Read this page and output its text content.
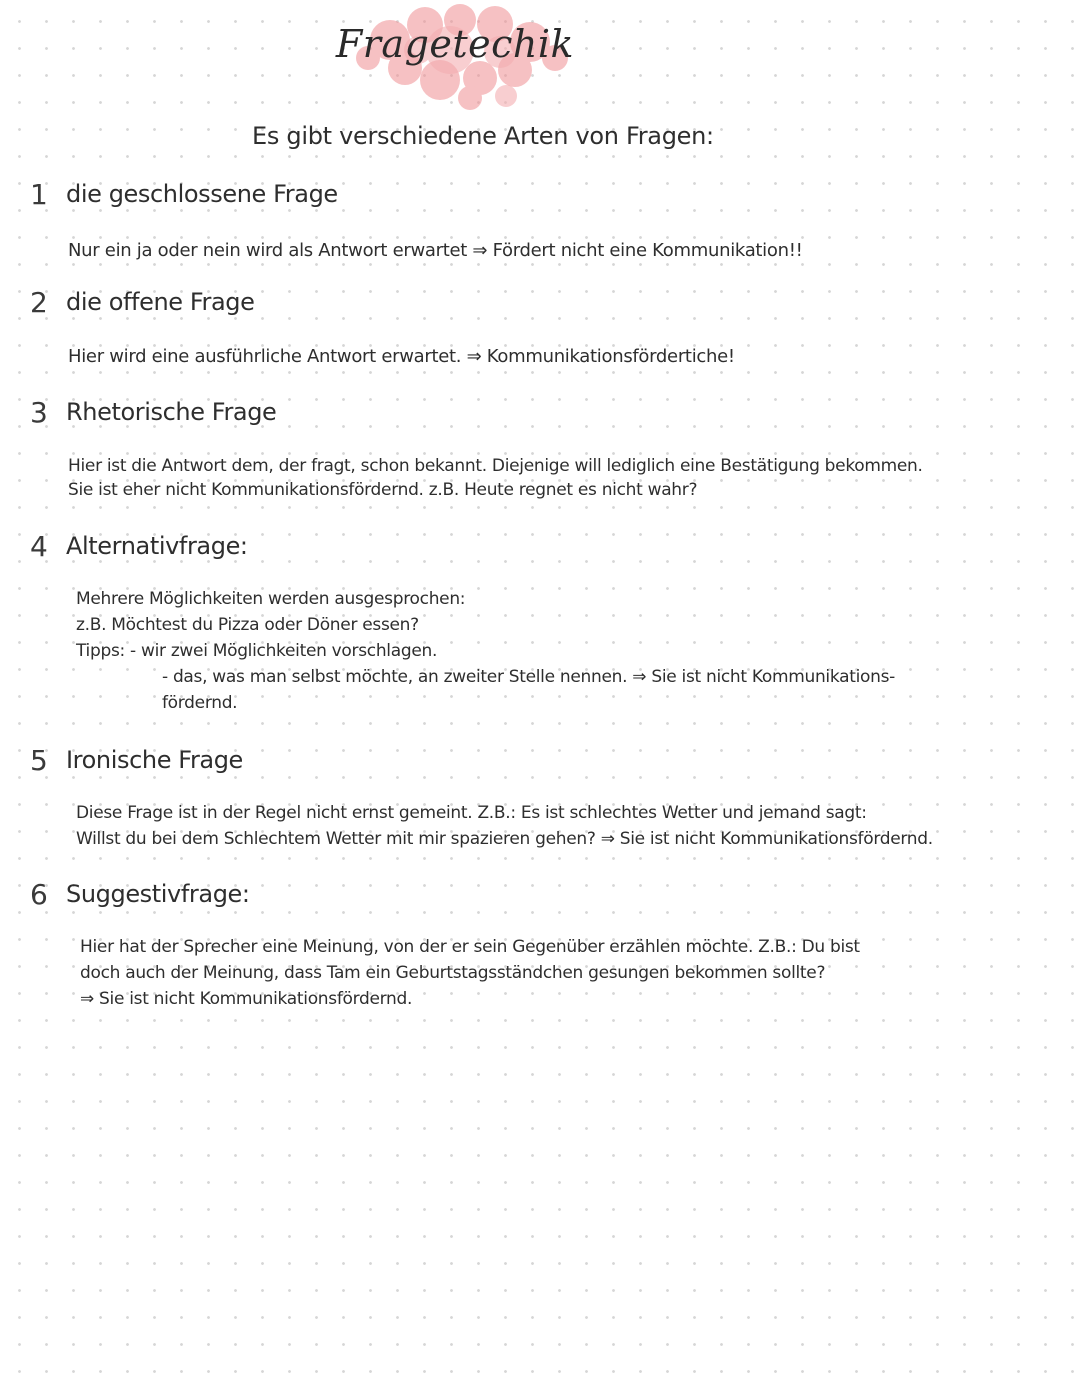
Fragetechik
Es gibt verschiedene Arten von Fragen:
1 die geschlossene Frage

Nur ein ja oder nein wird als Antwort erwartet ⇒ Fördert nicht eine Kommunikation!!

2 die offene Frage

Hier wird eine ausführliche Antwort erwartet. ⇒ Kommunikationsfördertiche!

3 Rhetorische Frage

Hier ist die Antwort dem, der fragt, schon bekannt. Diejenige will lediglich eine Bestätigung bekommen.

Sie ist eher nicht Kommunikationsfördernd. z.B. Heute regnet es nicht wahr?

4 Alternativfrage:

Mehrere Möglichkeiten werden ausgesprochen:

z.B. Möchtest du Pizza oder Döner essen?

Tipps: - wir zwei Möglichkeiten vorschlagen.

- das, was man selbst möchte, an zweiter Stelle nennen. ⇒ Sie ist nicht Kommunikations-

fördernd.

5 Ironische Frage

Diese Frage ist in der Regel nicht ernst gemeint. Z.B.: Es ist schlechtes Wetter und jemand sagt:

Willst du bei dem Schlechtem Wetter mit mir spazieren gehen? ⇒ Sie ist nicht Kommunikationsfördernd.

6 Suggestivfrage:

Hier hat der Sprecher eine Meinung, von der er sein Gegenüber erzählen möchte. Z.B.: Du bist

doch auch der Meinung, dass Tam ein Geburtstagsständchen gesungen bekommen sollte?

⇒ Sie ist nicht Kommunikationsfördernd.
